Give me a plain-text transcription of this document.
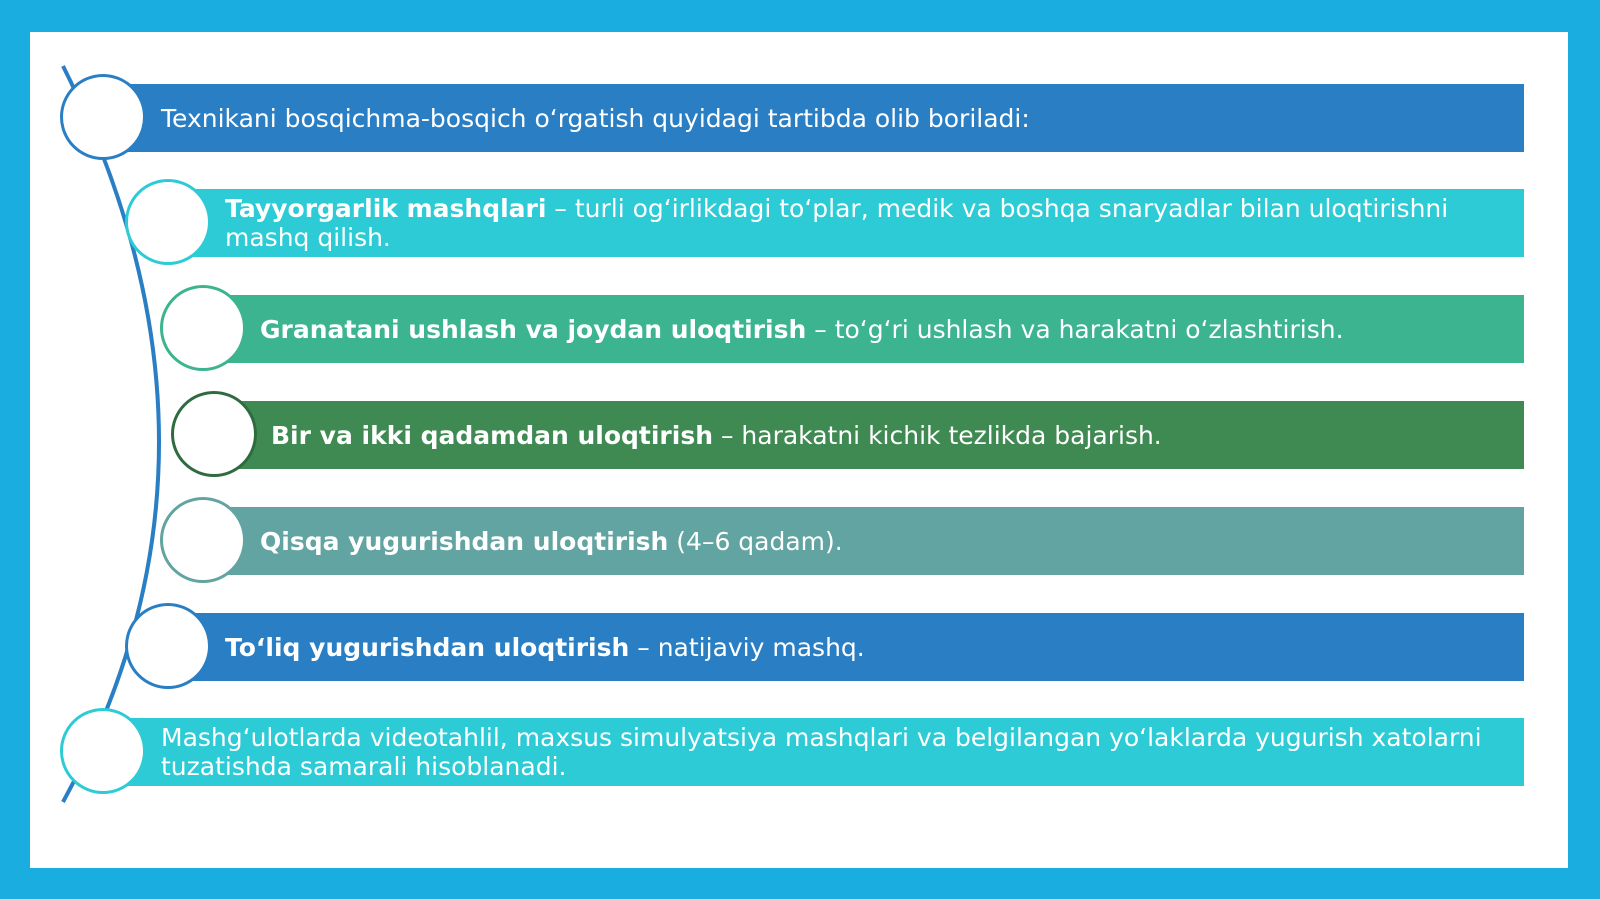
Texnikani bosqichma-bosqich o‘rgatish quyidagi tartibda olib boriladi:
Tayyorgarlik mashqlari – turli og‘irlikdagi to‘plar, medik va boshqa snaryadlar bilan uloqtirishni mashq qilish.
Granatani ushlash va joydan uloqtirish – to‘g‘ri ushlash va harakatni o‘zlashtirish.
Bir va ikki qadamdan uloqtirish – harakatni kichik tezlikda bajarish.
Qisqa yugurishdan uloqtirish (4–6 qadam).
To‘liq yugurishdan uloqtirish – natijaviy mashq.
Mashg‘ulotlarda videotahlil, maxsus simulyatsiya mashqlari va belgilangan yo‘laklarda yugurish xatolarni tuzatishda samarali hisoblanadi.
